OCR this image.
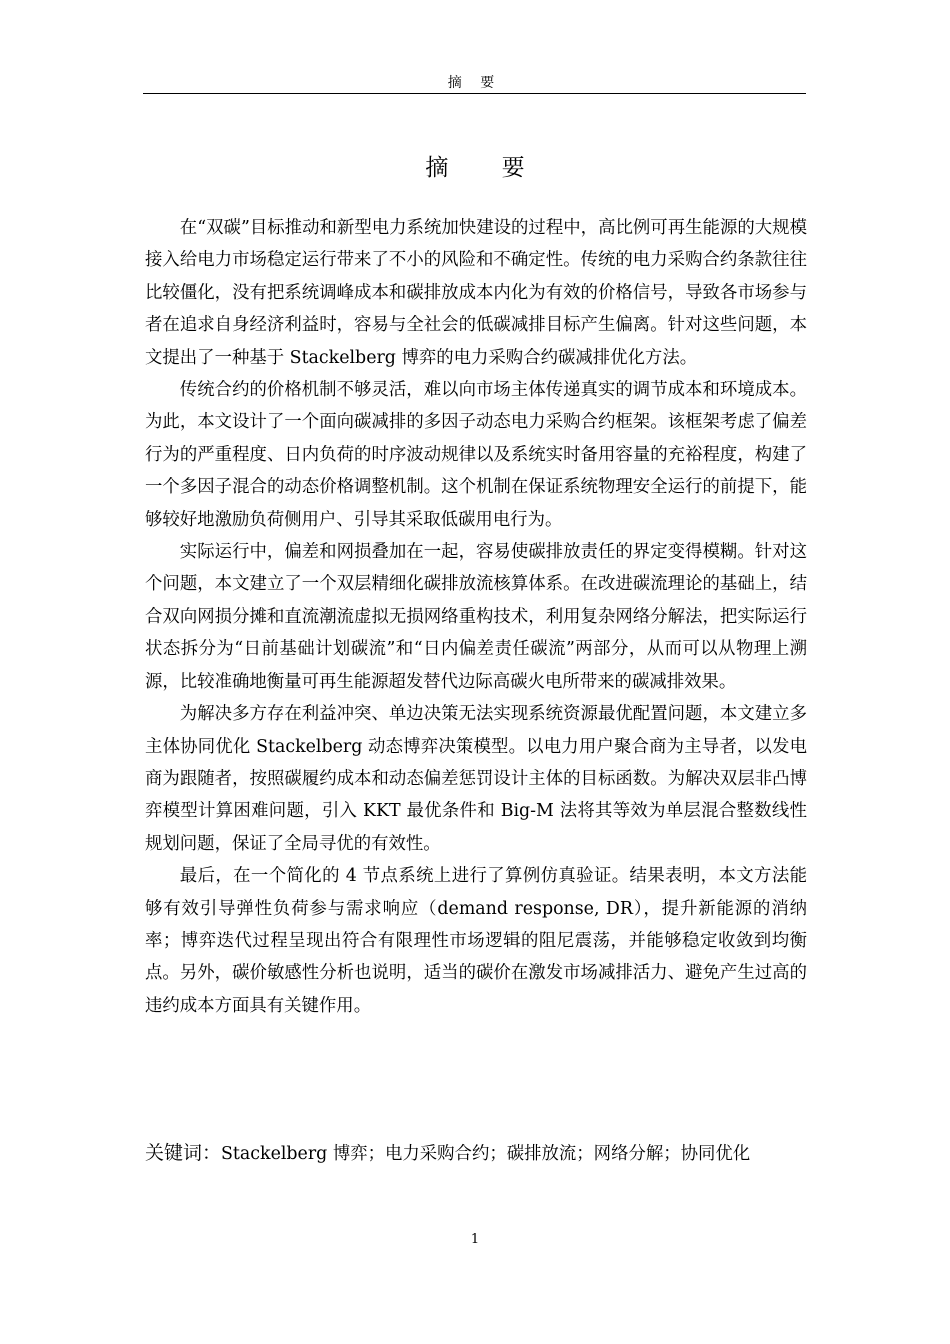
摘 要
摘 要

在“双碳”目标推动和新型电力系统加快建设的过程中，高比例可再生能源的大规模接入给电力市场稳定运行带来了不小的风险和不确定性。传统的电力采购合约条款往往比较僵化，没有把系统调峰成本和碳排放成本内化为有效的价格信号，导致各市场参与者在追求自身经济利益时，容易与全社会的低碳减排目标产生偏离。针对这些问题，本文提出了一种基于 Stackelberg 博弈的电力采购合约碳减排优化方法。

传统合约的价格机制不够灵活，难以向市场主体传递真实的调节成本和环境成本。为此，本文设计了一个面向碳减排的多因子动态电力采购合约框架。该框架考虑了偏差行为的严重程度、日内负荷的时序波动规律以及系统实时备用容量的充裕程度，构建了一个多因子混合的动态价格调整机制。这个机制在保证系统物理安全运行的前提下，能够较好地激励负荷侧用户、引导其采取低碳用电行为。

实际运行中，偏差和网损叠加在一起，容易使碳排放责任的界定变得模糊。针对这个问题，本文建立了一个双层精细化碳排放流核算体系。在改进碳流理论的基础上，结合双向网损分摊和直流潮流虚拟无损网络重构技术，利用复杂网络分解法，把实际运行状态拆分为“日前基础计划碳流”和“日内偏差责任碳流”两部分，从而可以从物理上溯源，比较准确地衡量可再生能源超发替代边际高碳火电所带来的碳减排效果。

为解决多方存在利益冲突、单边决策无法实现系统资源最优配置问题，本文建立多主体协同优化 Stackelberg 动态博弈决策模型。以电力用户聚合商为主导者，以发电商为跟随者，按照碳履约成本和动态偏差惩罚设计主体的目标函数。为解决双层非凸博弈模型计算困难问题，引入 KKT 最优条件和 Big-M 法将其等效为单层混合整数线性规划问题，保证了全局寻优的有效性。

最后，在一个简化的 4 节点系统上进行了算例仿真验证。结果表明，本文方法能够有效引导弹性负荷参与需求响应（demand response, DR），提升新能源的消纳率；博弈迭代过程呈现出符合有限理性市场逻辑的阻尼震荡，并能够稳定收敛到均衡点。另外，碳价敏感性分析也说明，适当的碳价在激发市场减排活力、避免产生过高的违约成本方面具有关键作用。

关键词：Stackelberg 博弈；电力采购合约；碳排放流；网络分解；协同优化
1
